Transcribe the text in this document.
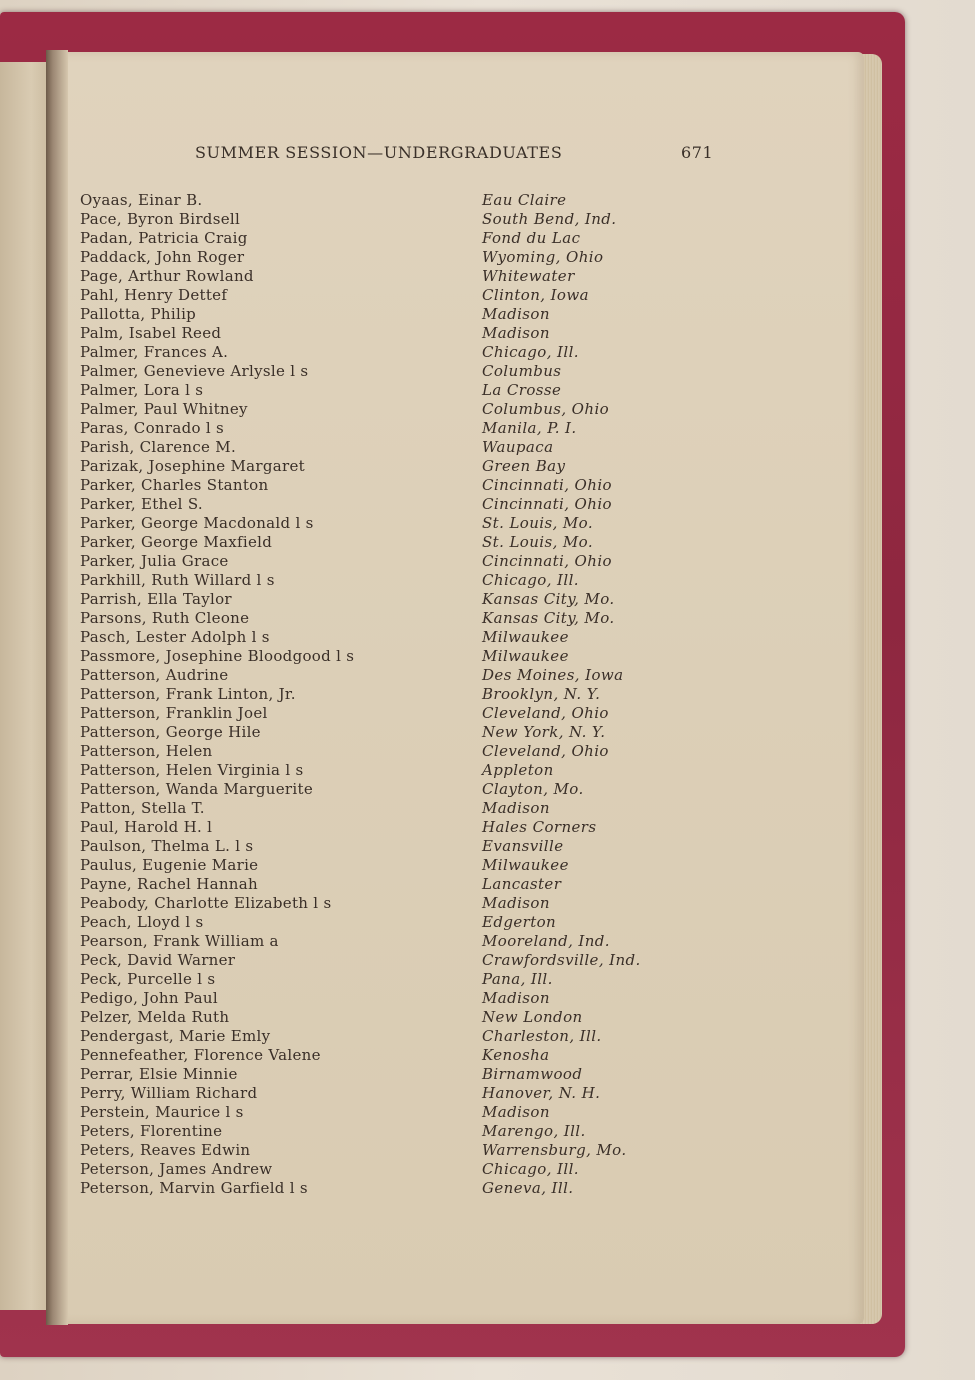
SUMMER SESSION—UNDERGRADUATES	671
Oyaas, Einar B.	Eau Claire
Pace, Byron Birdsell	South Bend, Ind.
Padan, Patricia Craig	Fond du Lac
Paddack, John Roger	Wyoming, Ohio
Page, Arthur Rowland	Whitewater
Pahl, Henry Dettef	Clinton, Iowa
Pallotta, Philip	Madison
Palm, Isabel Reed	Madison
Palmer, Frances A.	Chicago, Ill.
Palmer, Genevieve Arlysle l s	Columbus
Palmer, Lora l s	La Crosse
Palmer, Paul Whitney	Columbus, Ohio
Paras, Conrado l s	Manila, P. I.
Parish, Clarence M.	Waupaca
Parizak, Josephine Margaret	Green Bay
Parker, Charles Stanton	Cincinnati, Ohio
Parker, Ethel S.	Cincinnati, Ohio
Parker, George Macdonald l s	St. Louis, Mo.
Parker, George Maxfield	St. Louis, Mo.
Parker, Julia Grace	Cincinnati, Ohio
Parkhill, Ruth Willard l s	Chicago, Ill.
Parrish, Ella Taylor	Kansas City, Mo.
Parsons, Ruth Cleone	Kansas City, Mo.
Pasch, Lester Adolph l s	Milwaukee
Passmore, Josephine Bloodgood l s	Milwaukee
Patterson, Audrine	Des Moines, Iowa
Patterson, Frank Linton, Jr.	Brooklyn, N. Y.
Patterson, Franklin Joel	Cleveland, Ohio
Patterson, George Hile	New York, N. Y.
Patterson, Helen	Cleveland, Ohio
Patterson, Helen Virginia l s	Appleton
Patterson, Wanda Marguerite	Clayton, Mo.
Patton, Stella T.	Madison
Paul, Harold H. l	Hales Corners
Paulson, Thelma L. l s	Evansville
Paulus, Eugenie Marie	Milwaukee
Payne, Rachel Hannah	Lancaster
Peabody, Charlotte Elizabeth l s	Madison
Peach, Lloyd l s	Edgerton
Pearson, Frank William a	Mooreland, Ind.
Peck, David Warner	Crawfordsville, Ind.
Peck, Purcelle l s	Pana, Ill.
Pedigo, John Paul	Madison
Pelzer, Melda Ruth	New London
Pendergast, Marie Emly	Charleston, Ill.
Pennefeather, Florence Valene	Kenosha
Perrar, Elsie Minnie	Birnamwood
Perry, William Richard	Hanover, N. H.
Perstein, Maurice l s	Madison
Peters, Florentine	Marengo, Ill.
Peters, Reaves Edwin	Warrensburg, Mo.
Peterson, James Andrew	Chicago, Ill.
Peterson, Marvin Garfield l s	Geneva, Ill.
